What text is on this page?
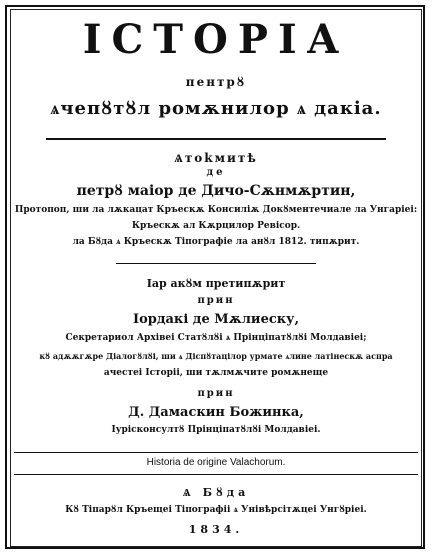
ІСТОРІА
пентрȣ
ѧчепȣтȣл ромѫнилор ѧ дакіа.
Ѧтоkмитѣ
де
петрȣ маіор де Дичо-Сѫнмѫртин,
Протопоп, ши ла лѫкацат Кръескѫ Консиліѫ Докȣментечиале ла Унгаріеі:
Кръескѫ ал Кѫрцилор Ревісор.
ла Бȣда ѧ Кръескѫ Тіпографіе ла анȣл 1812. типѫрит.
Іар акȣм претипѫрит
прин
Іордакі де Мѫлиеску,
Секретариол Архівеі Статȣлȣі ѧ Прінціпатȣлȣі Молдавіеі;
кȣ адѫѫгѫре Діалогȣлȣі, ши ѧ Діспȣтацілор урмате ѧлине латінескѫ аспра
ачестеі Історіі, ши тѫлмѫчите ромѫнеще
прин
Д. Дамаскин Божинка,
Іурісконсултȣ Прінціпатȣлȣі Молдавіеі.
Historia de origine Valachorum.
Ѧ Бȣда
Кȣ Тіпарȣл Кръещеі Тіпографіі ѧ Унівѣрсітѫцеі Унгȣріеі.
1834.
